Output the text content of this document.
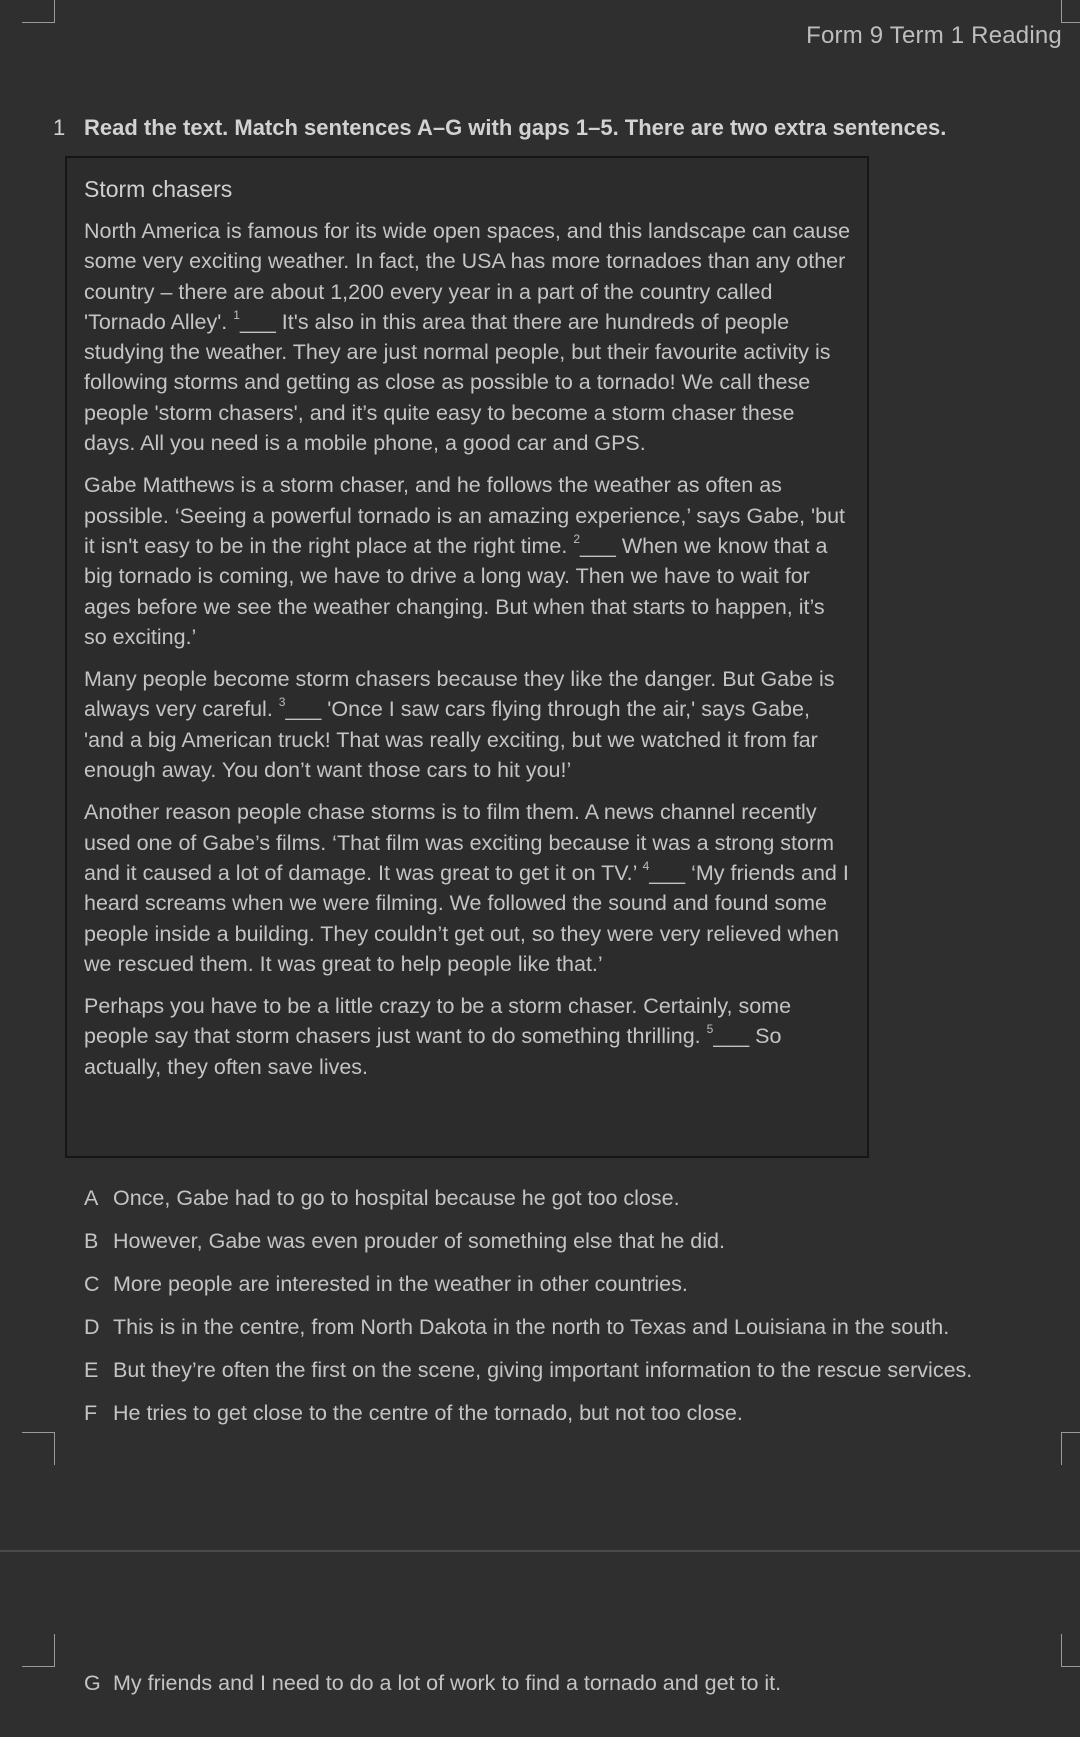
Form 9 Term 1 Reading
1 Read the text. Match sentences A–G with gaps 1–5. There are two extra sentences.
Storm chasers

North America is famous for its wide open spaces, and this landscape can cause some very exciting weather. In fact, the USA has more tornadoes than any other country – there are about 1,200 every year in a part of the country called 'Tornado Alley'. $^1$___ It's also in this area that there are hundreds of people studying the weather. They are just normal people, but their favourite activity is following storms and getting as close as possible to a tornado! We call these people 'storm chasers', and it’s quite easy to become a storm chaser these days. All you need is a mobile phone, a good car and GPS.

Gabe Matthews is a storm chaser, and he follows the weather as often as possible. ‘Seeing a powerful tornado is an amazing experience,’ says Gabe, 'but it isn't easy to be in the right place at the right time. $^2$___ When we know that a big tornado is coming, we have to drive a long way. Then we have to wait for ages before we see the weather changing. But when that starts to happen, it’s so exciting.’

Many people become storm chasers because they like the danger. But Gabe is always very careful. $^3$___ 'Once I saw cars flying through the air,' says Gabe, 'and a big American truck! That was really exciting, but we watched it from far enough away. You don’t want those cars to hit you!’

Another reason people chase storms is to film them. A news channel recently used one of Gabe’s films. ‘That film was exciting because it was a strong storm and it caused a lot of damage. It was great to get it on TV.’ $^4$___ ‘My friends and I heard screams when we were filming. We followed the sound and found some people inside a building. They couldn’t get out, so they were very relieved when we rescued them. It was great to help people like that.’

Perhaps you have to be a little crazy to be a storm chaser. Certainly, some people say that storm chasers just want to do something thrilling. $^5$___ So actually, they often save lives.

A Once, Gabe had to go to hospital because he got too close.
B However, Gabe was even prouder of something else that he did.
C More people are interested in the weather in other countries.
D This is in the centre, from North Dakota in the north to Texas and Louisiana in the south.
E But they’re often the first on the scene, giving important information to the rescue services.
F He tries to get close to the centre of the tornado, but not too close.
G My friends and I need to do a lot of work to find a tornado and get to it.
